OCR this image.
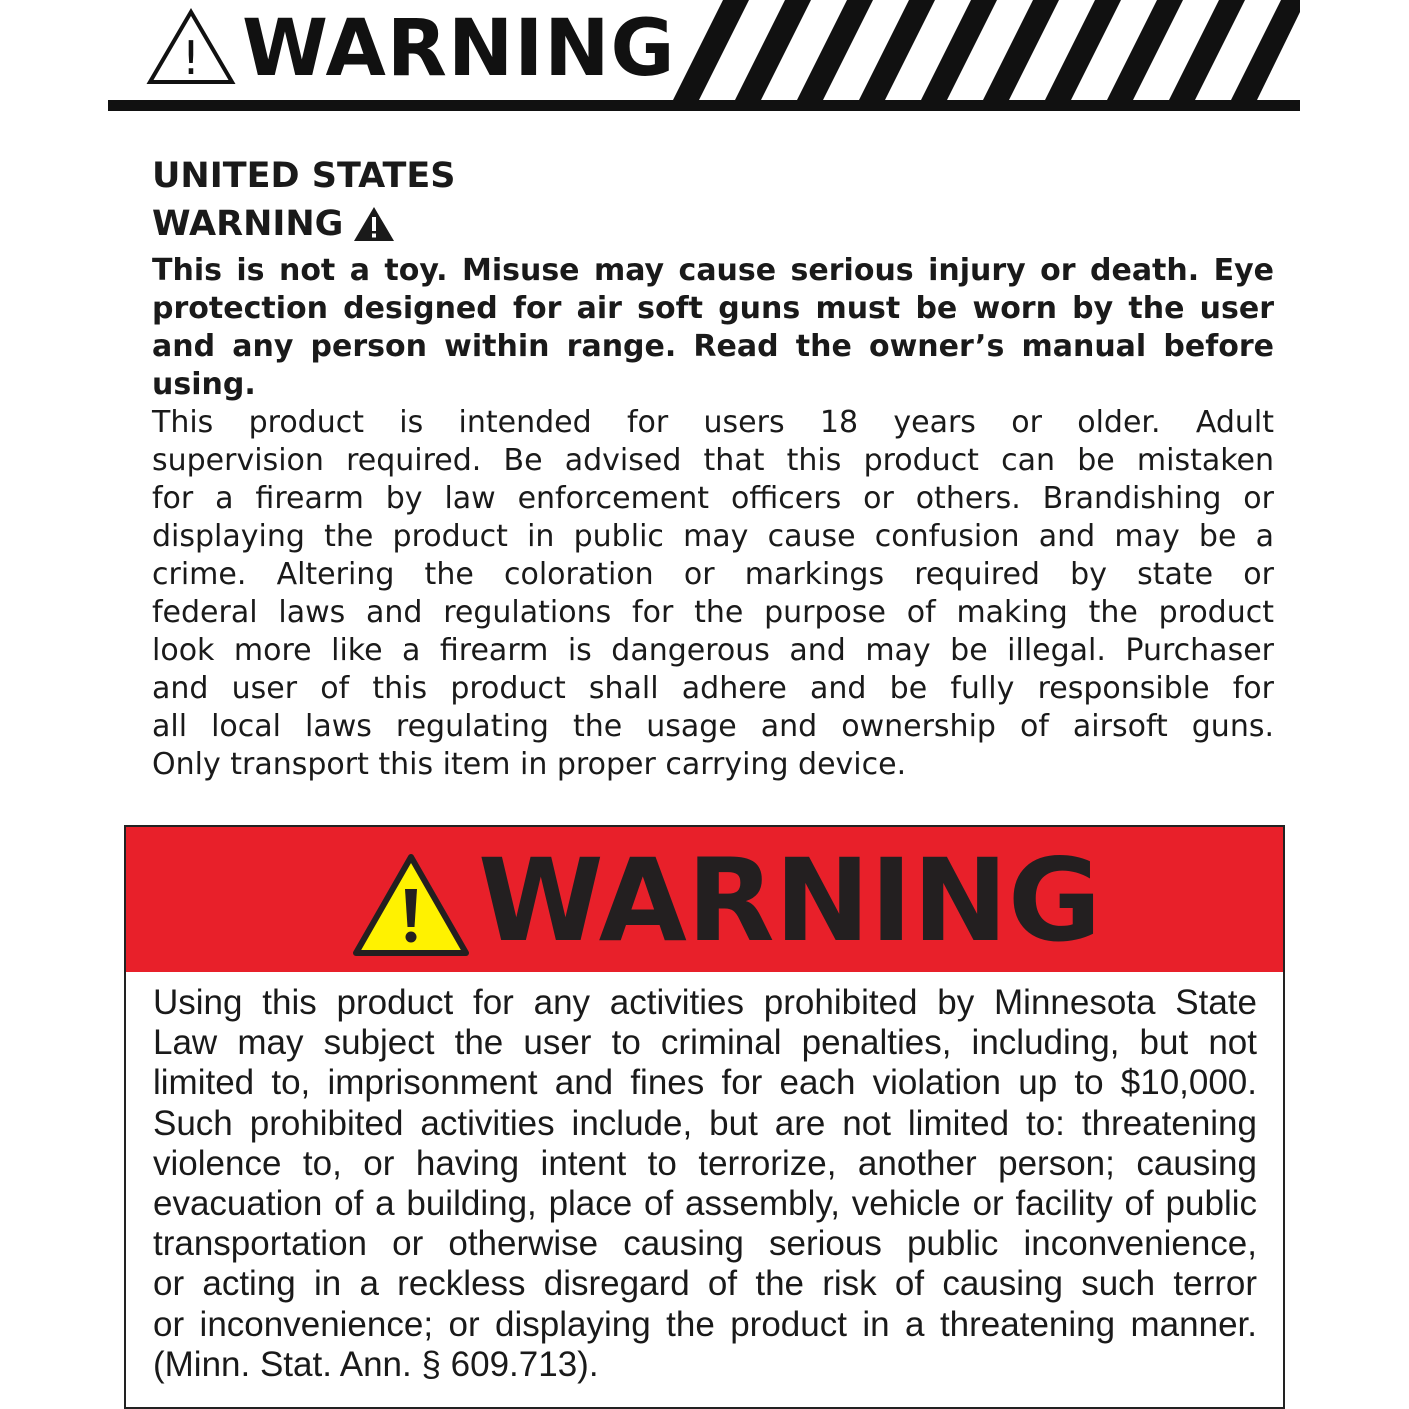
! WARNING
UNITED STATES
WARNING
This is not a toy. Misuse may cause serious injury or death. Eye protection designed for air soft guns must be worn by the user and any person within range. Read the owner’s manual before using.
This product is intended for users 18 years or older. Adult
supervision required. Be advised that this product can be mistaken
for a firearm by law enforcement officers or others. Brandishing or
displaying the product in public may cause confusion and may be a
crime. Altering the coloration or markings required by state or
federal laws and regulations for the purpose of making the product
look more like a firearm is dangerous and may be illegal. Purchaser
and user of this product shall adhere and be fully responsible for
all local laws regulating the usage and ownership of airsoft guns.
Only transport this item in proper carrying device.
WARNING
Using this product for any activities prohibited by Minnesota State
Law may subject the user to criminal penalties, including, but not
limited to, imprisonment and fines for each violation up to $10,000.
Such prohibited activities include, but are not limited to: threatening
violence to, or having intent to terrorize, another person; causing
evacuation of a building, place of assembly, vehicle or facility of public
transportation or otherwise causing serious public inconvenience,
or acting in a reckless disregard of the risk of causing such terror
or inconvenience; or displaying the product in a threatening manner.
(Minn. Stat. Ann. § 609.713).
